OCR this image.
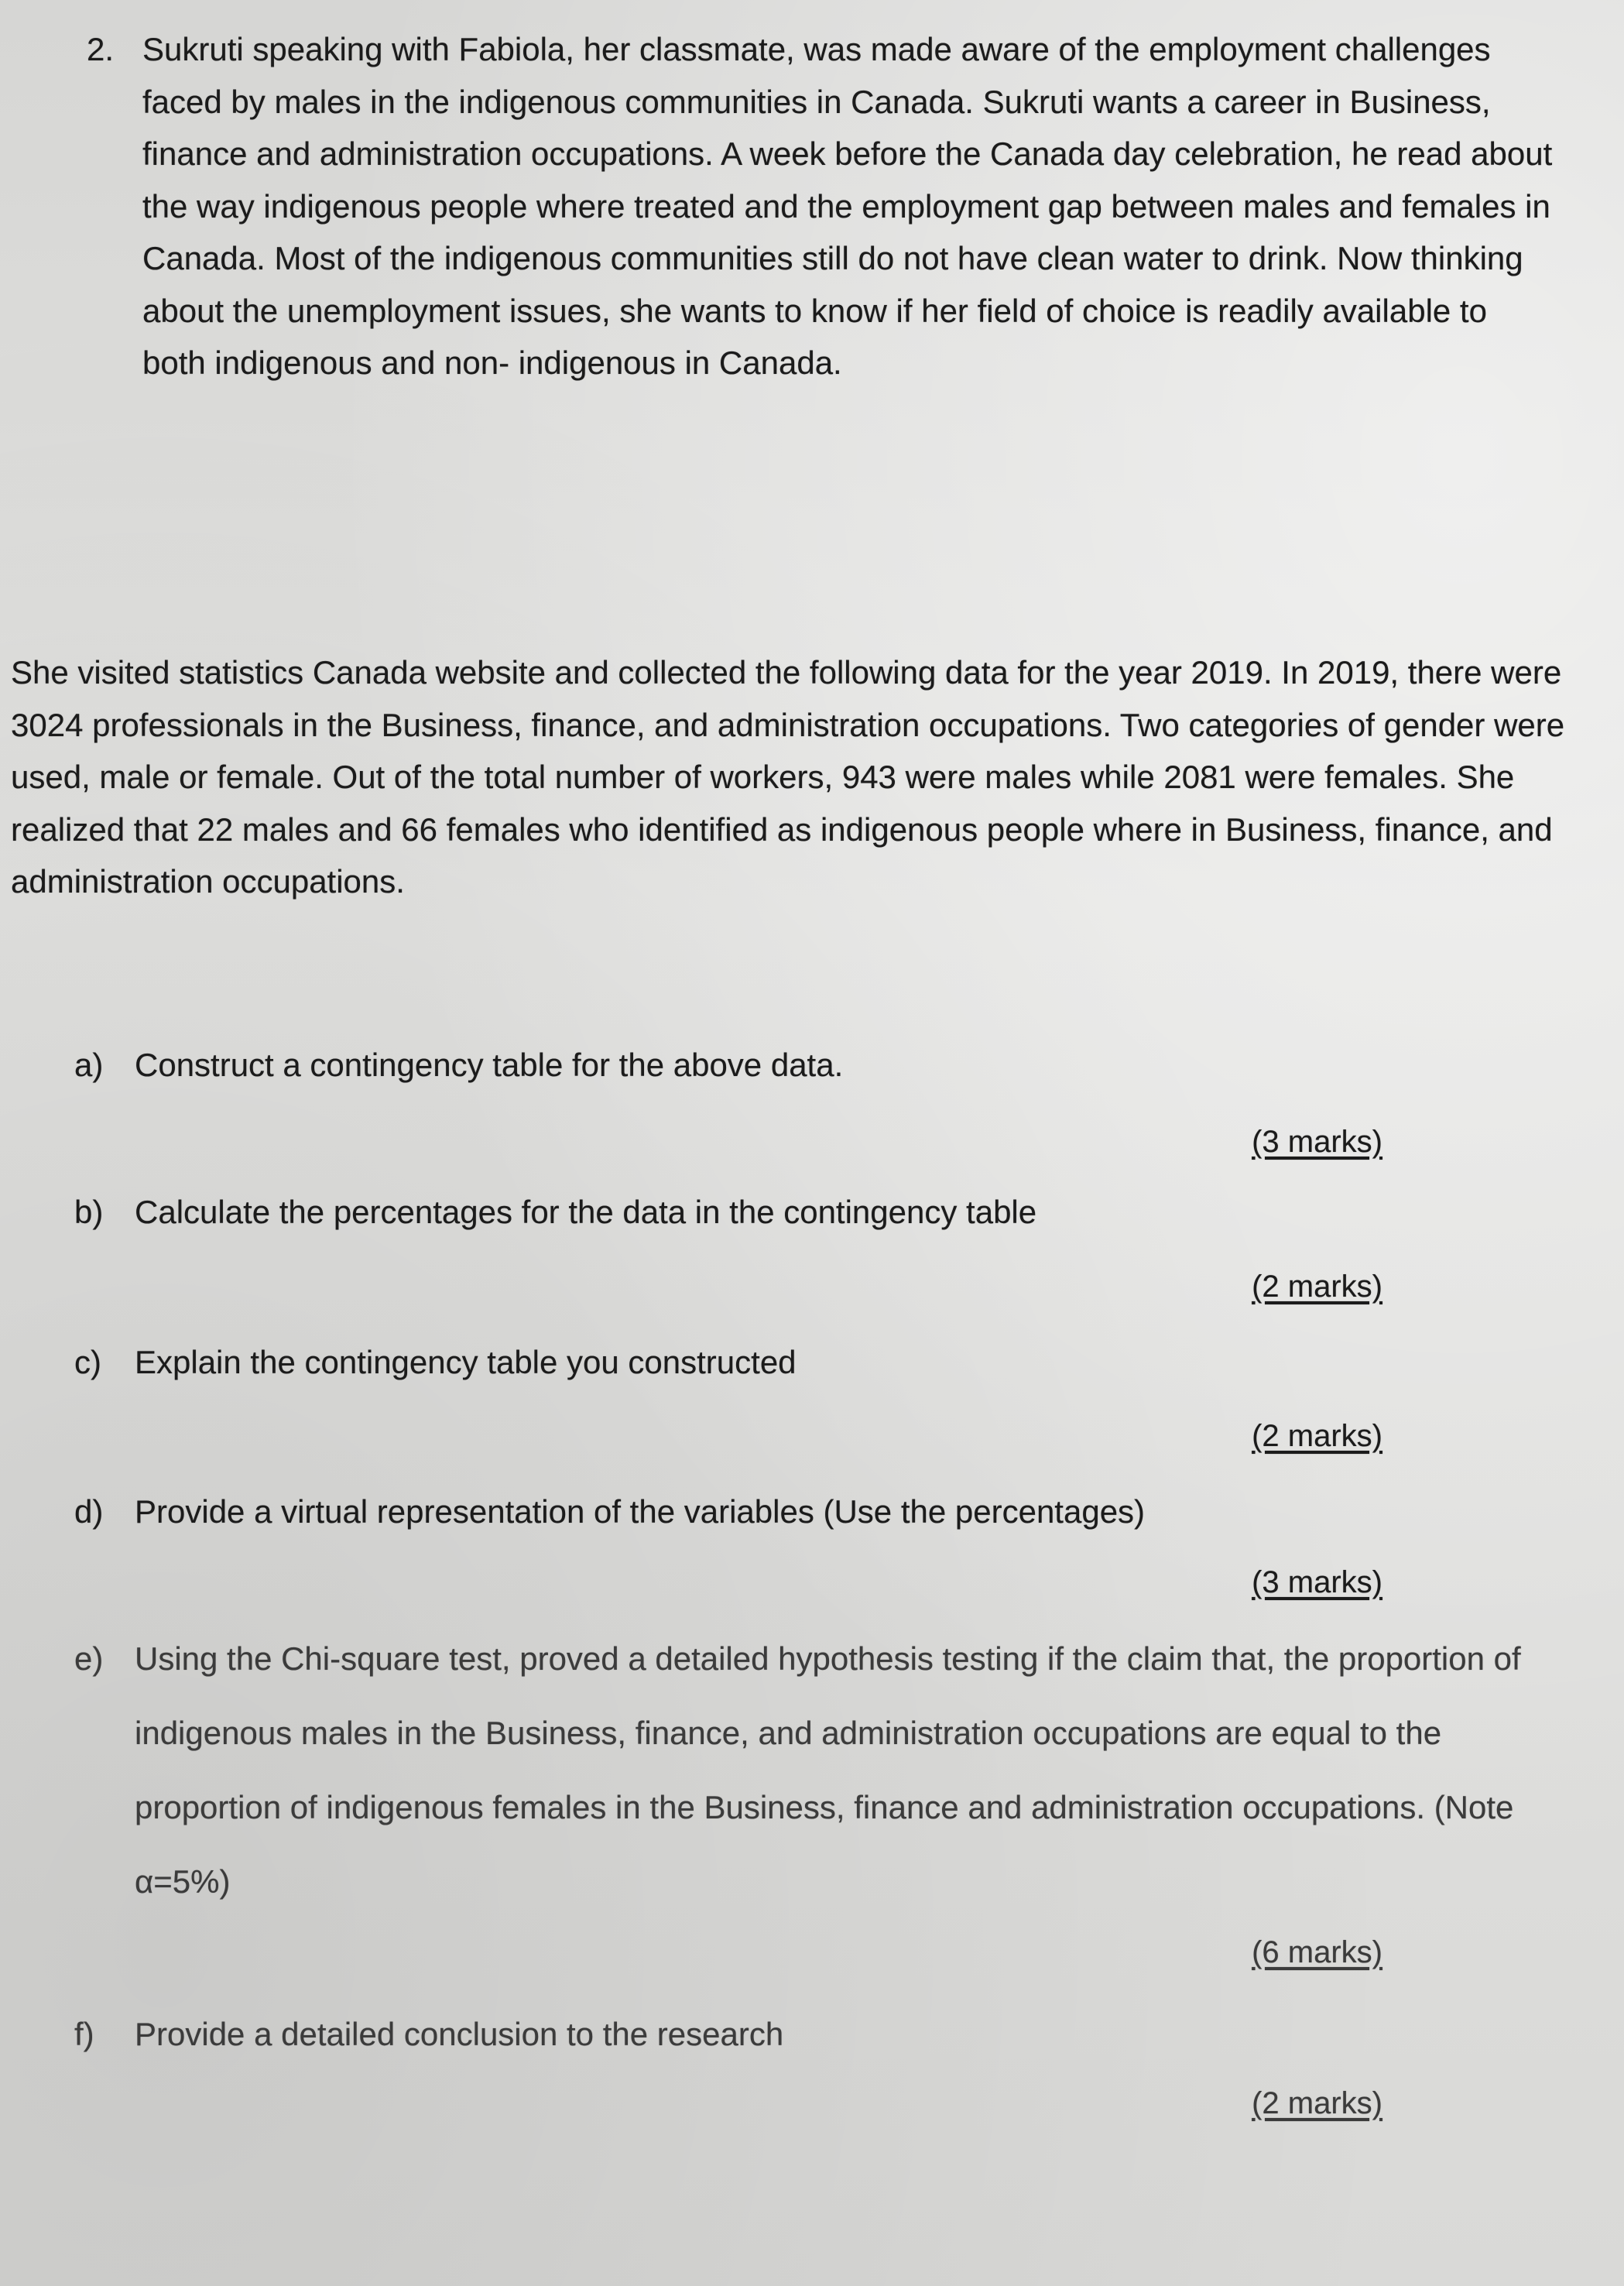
2. Sukruti speaking with Fabiola, her classmate, was made aware of the employment challenges faced by males in the indigenous communities in Canada. Sukruti wants a career in Business, finance and administration occupations. A week before the Canada day celebration, he read about the way indigenous people where treated and the employment gap between males and females in Canada. Most of the indigenous communities still do not have clean water to drink. Now thinking about the unemployment issues, she wants to know if her field of choice is readily available to both indigenous and non- indigenous in Canada.
She visited statistics Canada website and collected the following data for the year 2019. In 2019, there were 3024 professionals in the Business, finance, and administration occupations. Two categories of gender were used, male or female. Out of the total number of workers, 943 were males while 2081 were females. She realized that 22 males and 66 females who identified as indigenous people where in Business, finance, and administration occupations.
a) Construct a contingency table for the above data.
(3 marks)
b) Calculate the percentages for the data in the contingency table
(2 marks)
c)	Explain the contingency table you constructed
(2 marks)
d) Provide a virtual representation of the variables (Use the percentages)
(3 marks)
e) Using the Chi-square test, proved a detailed hypothesis testing if the claim that, the proportion of indigenous males in the Business, finance, and administration occupations are equal to the proportion of indigenous females in the Business, finance and administration occupations. (Note α=5%)
(6 marks)
f)	Provide a detailed conclusion to the research
(2 marks)
